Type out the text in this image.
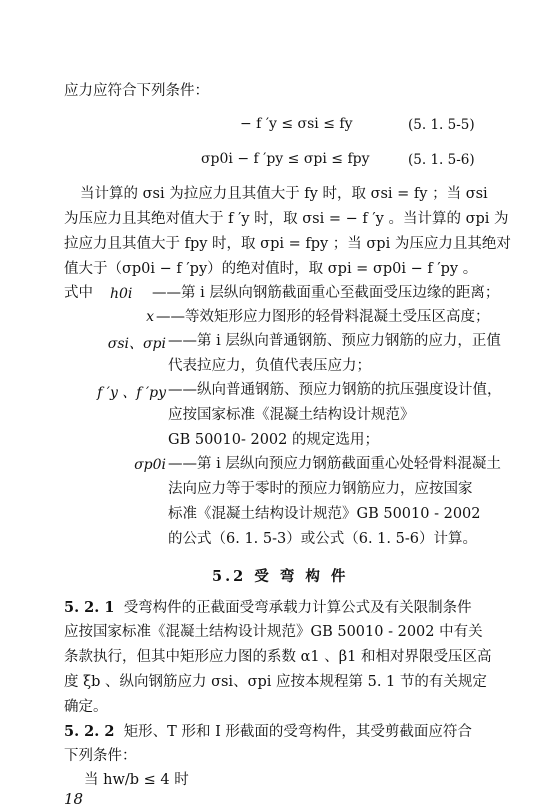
应力应符合下列条件：
− f ′y ≤ σsi ≤ fy	(5. 1. 5-5)
σp0i − f ′py ≤ σpi ≤ fpy	(5. 1. 5-6)
当计算的 σsi 为拉应力且其值大于 fy 时，取 σsi = fy ；当 σsi
为压应力且其绝对值大于 f ′y 时，取 σsi = − f ′y 。当计算的 σpi 为
拉应力且其值大于 fpy 时，取 σpi = fpy ；当 σpi 为压应力且其绝对
值大于（σp0i − f ′py）的绝对值时，取 σpi = σp0i − f ′py 。
式中 h0i	——第 i 层纵向钢筋截面重心至截面受压边缘的距离；
x ——等效矩形应力图形的轻骨料混凝土受压区高度；
σsi、σpi ——第 i 层纵向普通钢筋、预应力钢筋的应力，正值
代表拉应力，负值代表压应力；
f ′y 、f ′py ——纵向普通钢筋、预应力钢筋的抗压强度设计值，
应按国家标准《混凝土结构设计规范》
GB 50010- 2002 的规定选用；
σp0i ——第 i 层纵向预应力钢筋截面重心处轻骨料混凝土
法向应力等于零时的预应力钢筋应力，应按国家
标准《混凝土结构设计规范》GB 50010 - 2002
的公式（6. 1. 5-3）或公式（6. 1. 5-6）计算。
5.2 受 弯 构 件
5. 2. 1 受弯构件的正截面受弯承载力计算公式及有关限制条件
应按国家标准《混凝土结构设计规范》GB 50010 - 2002 中有关
条款执行，但其中矩形应力图的系数 α1 、β1 和相对界限受压区高
度 ξb 、纵向钢筋应力 σsi、σpi 应按本规程第 5. 1 节的有关规定
确定。
5. 2. 2 矩形、T 形和 I 形截面的受弯构件，其受剪截面应符合
下列条件：
当 hw/b ≤ 4 时
18
